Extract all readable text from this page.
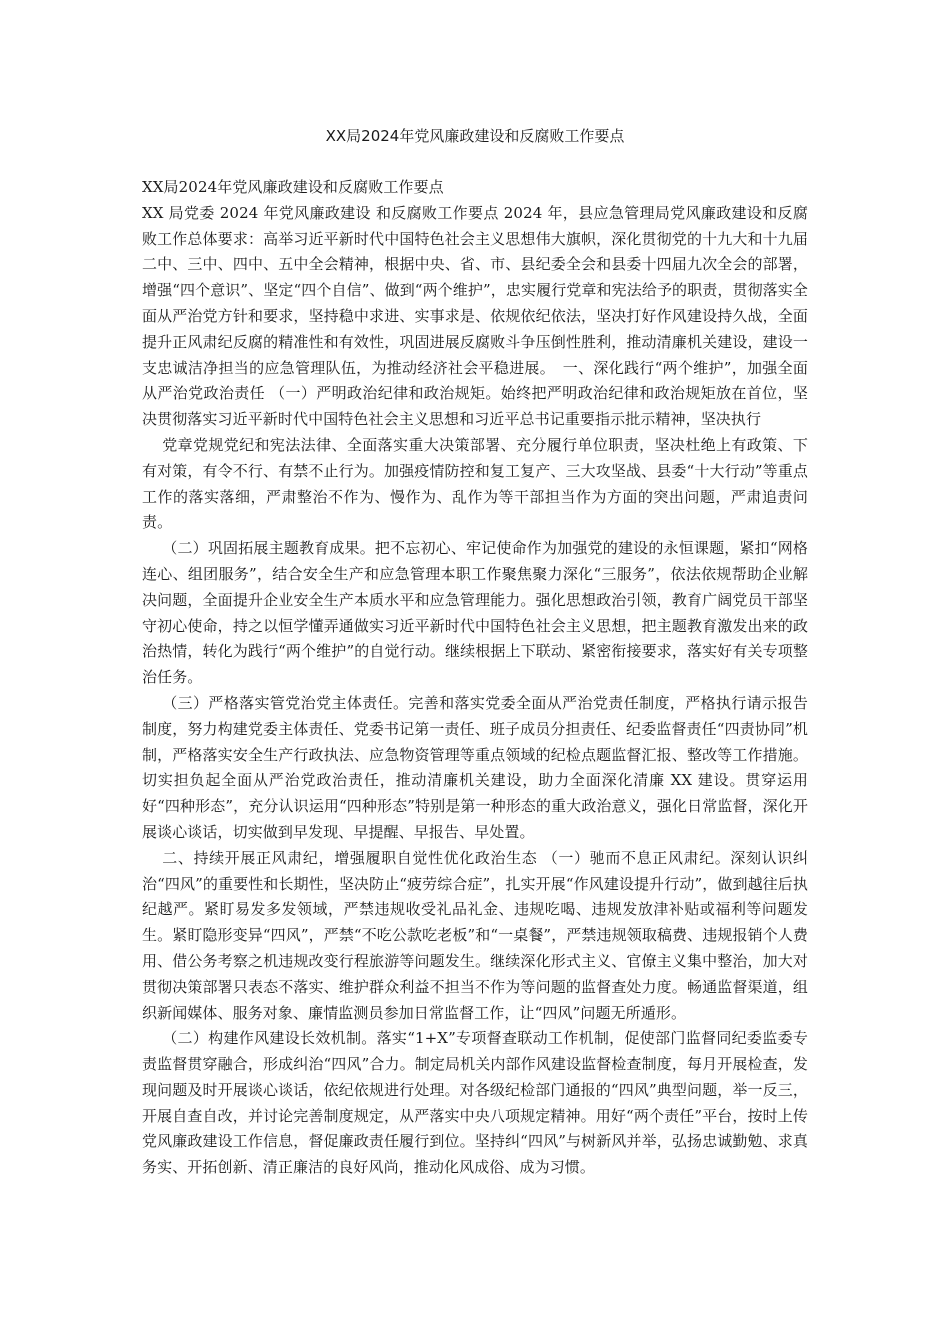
XX局2024年党风廉政建设和反腐败工作要点

XX局2024年党风廉政建设和反腐败工作要点

XX 局党委 2024 年党风廉政建设 和反腐败工作要点 2024 年，县应急管理局党风廉政建设和反腐败工作总体要求：高举习近平新时代中国特色社会主义思想伟大旗帜，深化贯彻党的十九大和十九届二中、三中、四中、五中全会精神，根据中央、省、市、县纪委全会和县委十四届九次全会的部署，增强“四个意识”、坚定“四个自信”、做到“两个维护”，忠实履行党章和宪法给予的职责，贯彻落实全面从严治党方针和要求，坚持稳中求进、实事求是、依规依纪依法，坚决打好作风建设持久战，全面提升正风肃纪反腐的精准性和有效性，巩固进展反腐败斗争压倒性胜利，推动清廉机关建设，建设一支忠诚洁净担当的应急管理队伍，为推动经济社会平稳进展。　一、深化践行“两个维护”，加强全面从严治党政治责任 （一）严明政治纪律和政治规矩。始终把严明政治纪律和政治规矩放在首位，坚决贯彻落实习近平新时代中国特色社会主义思想和习近平总书记重要指示批示精神，坚决执行

党章党规党纪和宪法法律、全面落实重大决策部署、充分履行单位职责，坚决杜绝上有政策、下有对策，有令不行、有禁不止行为。加强疫情防控和复工复产、三大攻坚战、县委“十大行动”等重点工作的落实落细，严肃整治不作为、慢作为、乱作为等干部担当作为方面的突出问题，严肃追责问责。

（二）巩固拓展主题教育成果。把不忘初心、牢记使命作为加强党的建设的永恒课题，紧扣“网格连心、组团服务”，结合安全生产和应急管理本职工作聚焦聚力深化“三服务”，依法依规帮助企业解决问题，全面提升企业安全生产本质水平和应急管理能力。强化思想政治引领，教育广阔党员干部坚守初心使命，持之以恒学懂弄通做实习近平新时代中国特色社会主义思想，把主题教育激发出来的政治热情，转化为践行“两个维护”的自觉行动。继续根据上下联动、紧密衔接要求，落实好有关专项整治任务。

（三）严格落实管党治党主体责任。完善和落实党委全面从严治党责任制度，严格执行请示报告制度，努力构建党委主体责任、党委书记第一责任、班子成员分担责任、纪委监督责任“四责协同”机制，严格落实安全生产行政执法、应急物资管理等重点领域的纪检点题监督汇报、整改等工作措施。切实担负起全面从严治党政治责任，推动清廉机关建设，助力全面深化清廉 XX 建设。贯穿运用好“四种形态”，充分认识运用“四种形态”特别是第一种形态的重大政治意义，强化日常监督，深化开展谈心谈话，切实做到早发现、早提醒、早报告、早处置。

二、持续开展正风肃纪，增强履职自觉性优化政治生态 （一）驰而不息正风肃纪。深刻认识纠治“四风”的重要性和长期性，坚决防止“疲劳综合症”，扎实开展“作风建设提升行动”，做到越往后执纪越严。紧盯易发多发领域，严禁违规收受礼品礼金、违规吃喝、违规发放津补贴或福利等问题发生。紧盯隐形变异“四风”，严禁“不吃公款吃老板”和“一桌餐”，严禁违规领取稿费、违规报销个人费用、借公务考察之机违规改变行程旅游等问题发生。继续深化形式主义、官僚主义集中整治，加大对贯彻决策部署只表态不落实、维护群众利益不担当不作为等问题的监督查处力度。畅通监督渠道，组织新闻媒体、服务对象、廉情监测员参加日常监督工作，让“四风”问题无所遁形。

（二）构建作风建设长效机制。落实“1+X”专项督查联动工作机制，促使部门监督同纪委监委专责监督贯穿融合，形成纠治“四风”合力。制定局机关内部作风建设监督检查制度，每月开展检查，发现问题及时开展谈心谈话，依纪依规进行处理。对各级纪检部门通报的“四风”典型问题，举一反三，开展自查自改，并讨论完善制度规定，从严落实中央八项规定精神。用好“两个责任”平台，按时上传党风廉政建设工作信息，督促廉政责任履行到位。坚持纠“四风”与树新风并举，弘扬忠诚勤勉、求真务实、开拓创新、清正廉洁的良好风尚，推动化风成俗、成为习惯。
